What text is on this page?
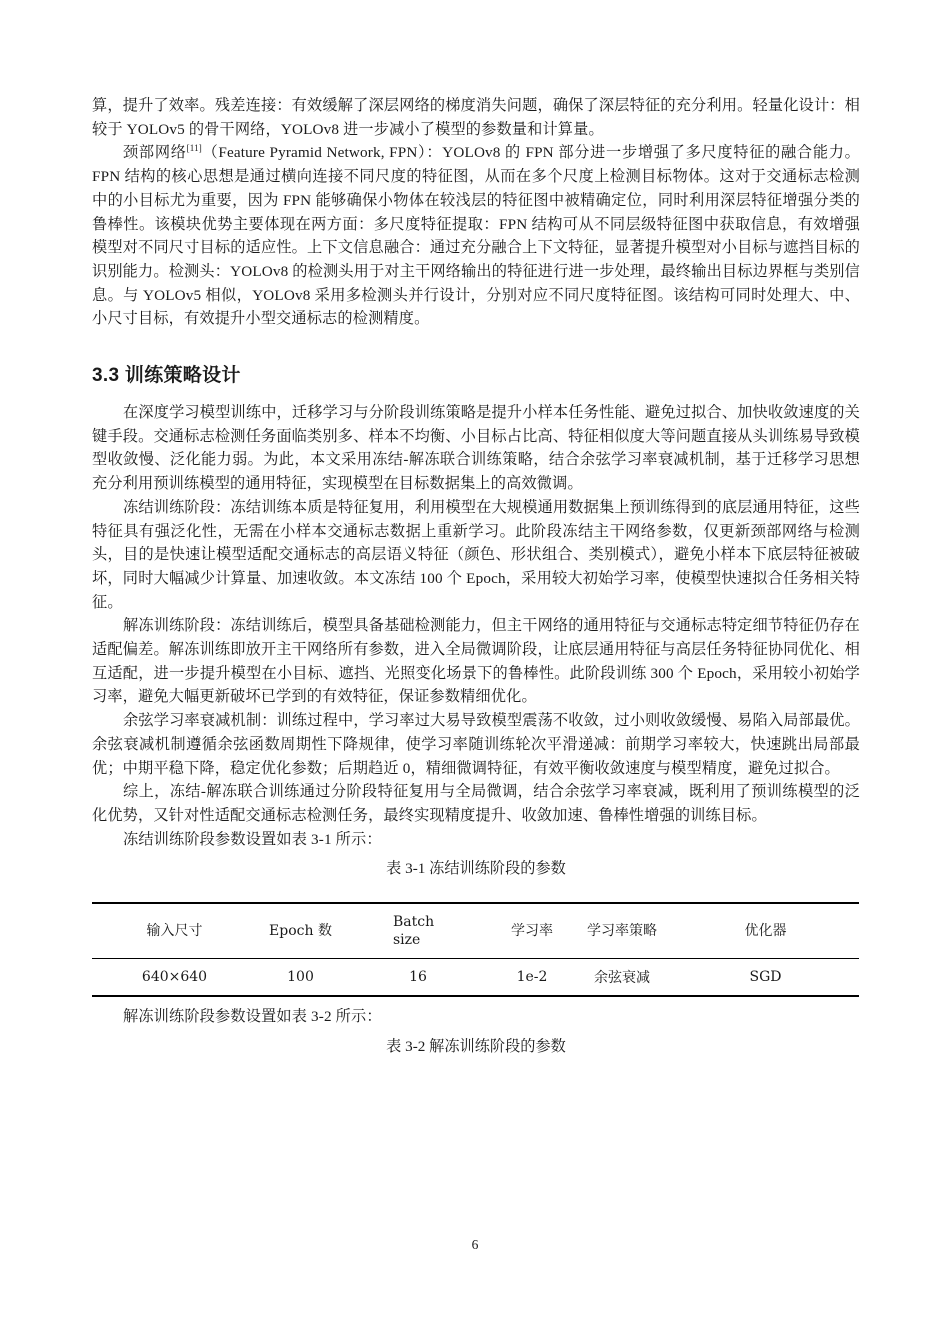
算，提升了效率。残差连接：有效缓解了深层网络的梯度消失问题，确保了深层特征的充分利用。轻量化设计：相较于 YOLOv5 的骨干网络，YOLOv8 进一步减小了模型的参数量和计算量。

颈部网络[11]（Feature Pyramid Network, FPN）：YOLOv8 的 FPN 部分进一步增强了多尺度特征的融合能力。FPN 结构的核心思想是通过横向连接不同尺度的特征图，从而在多个尺度上检测目标物体。这对于交通标志检测中的小目标尤为重要，因为 FPN 能够确保小物体在较浅层的特征图中被精确定位，同时利用深层特征增强分类的鲁棒性。该模块优势主要体现在两方面：多尺度特征提取：FPN 结构可从不同层级特征图中获取信息，有效增强模型对不同尺寸目标的适应性。上下文信息融合：通过充分融合上下文特征，显著提升模型对小目标与遮挡目标的识别能力。检测头：YOLOv8 的检测头用于对主干网络输出的特征进行进一步处理，最终输出目标边界框与类别信息。与 YOLOv5 相似，YOLOv8 采用多检测头并行设计，分别对应不同尺度特征图。该结构可同时处理大、中、小尺寸目标，有效提升小型交通标志的检测精度。

3.3 训练策略设计

在深度学习模型训练中，迁移学习与分阶段训练策略是提升小样本任务性能、避免过拟合、加快收敛速度的关键手段。交通标志检测任务面临类别多、样本不均衡、小目标占比高、特征相似度大等问题直接从头训练易导致模型收敛慢、泛化能力弱。为此，本文采用冻结-解冻联合训练策略，结合余弦学习率衰减机制，基于迁移学习思想充分利用预训练模型的通用特征，实现模型在目标数据集上的高效微调。

冻结训练阶段：冻结训练本质是特征复用，利用模型在大规模通用数据集上预训练得到的底层通用特征，这些特征具有强泛化性，无需在小样本交通标志数据上重新学习。此阶段冻结主干网络参数，仅更新颈部网络与检测头，目的是快速让模型适配交通标志的高层语义特征（颜色、形状组合、类别模式），避免小样本下底层特征被破坏，同时大幅减少计算量、加速收敛。本文冻结 100 个 Epoch，采用较大初始学习率，使模型快速拟合任务相关特征。

解冻训练阶段：冻结训练后，模型具备基础检测能力，但主干网络的通用特征与交通标志特定细节特征仍存在适配偏差。解冻训练即放开主干网络所有参数，进入全局微调阶段，让底层通用特征与高层任务特征协同优化、相互适配，进一步提升模型在小目标、遮挡、光照变化场景下的鲁棒性。此阶段训练 300 个 Epoch，采用较小初始学习率，避免大幅更新破坏已学到的有效特征，保证参数精细优化。

余弦学习率衰减机制：训练过程中，学习率过大易导致模型震荡不收敛，过小则收敛缓慢、易陷入局部最优。余弦衰减机制遵循余弦函数周期性下降规律，使学习率随训练轮次平滑递减：前期学习率较大，快速跳出局部最优；中期平稳下降，稳定优化参数；后期趋近 0，精细微调特征，有效平衡收敛速度与模型精度，避免过拟合。

综上，冻结-解冻联合训练通过分阶段特征复用与全局微调，结合余弦学习率衰减，既利用了预训练模型的泛化优势，又针对性适配交通标志检测任务，最终实现精度提升、收敛加速、鲁棒性增强的训练目标。

冻结训练阶段参数设置如表 3-1 所示：

表 3-1 冻结训练阶段的参数
输入尺寸	Epoch 数	Batch
size	学习率	学习率策略	优化器
640×640	100	16	1e-2	余弦衰减	SGD

解冻训练阶段参数设置如表 3-2 所示：

表 3-2 解冻训练阶段的参数
6
